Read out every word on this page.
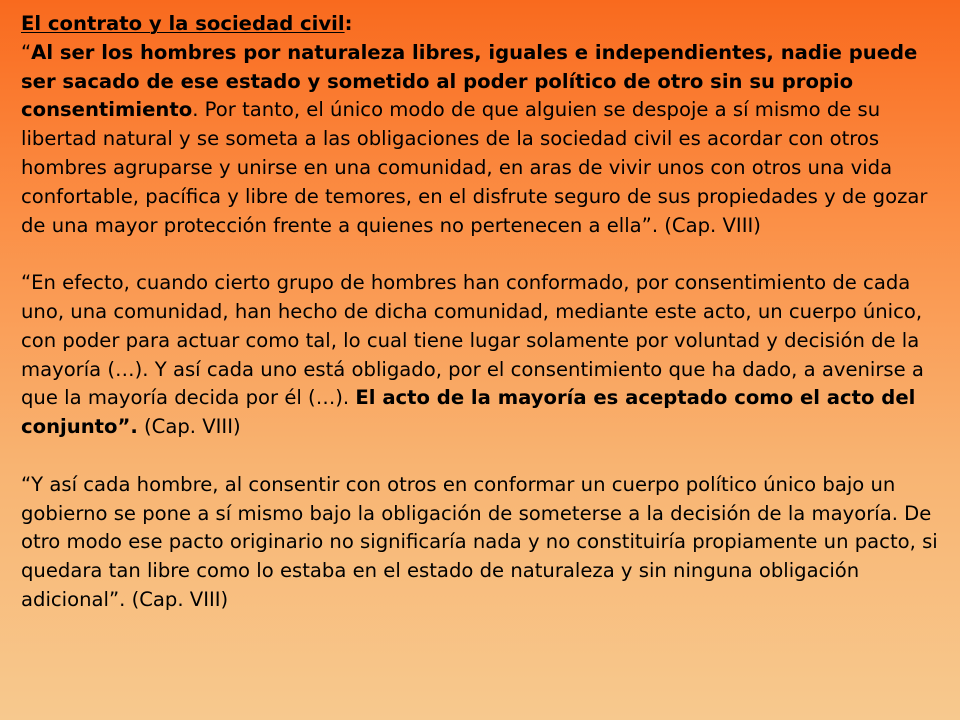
El contrato y la sociedad civil:

“Al ser los hombres por naturaleza libres, iguales e independientes, nadie puede ser sacado de ese estado y sometido al poder político de otro sin su propio consentimiento. Por tanto, el único modo de que alguien se despoje a sí mismo de su libertad natural y se someta a las obligaciones de la sociedad civil es acordar con otros hombres agruparse y unirse en una comunidad, en aras de vivir unos con otros una vida confortable, pacífica y libre de temores, en el disfrute seguro de sus propiedades y de gozar de una mayor protección frente a quienes no pertenecen a ella”. (Cap. VIII)

“En efecto, cuando cierto grupo de hombres han conformado, por consentimiento de cada uno, una comunidad, han hecho de dicha comunidad, mediante este acto, un cuerpo único, con poder para actuar como tal, lo cual tiene lugar solamente por voluntad y decisión de la mayoría (…). Y así cada uno está obligado, por el consentimiento que ha dado, a avenirse a que la mayoría decida por él (…). El acto de la mayoría es aceptado como el acto del conjunto”. (Cap. VIII)

“Y así cada hombre, al consentir con otros en conformar un cuerpo político único bajo un gobierno se pone a sí mismo bajo la obligación de someterse a la decisión de la mayoría. De otro modo ese pacto originario no significaría nada y no constituiría propiamente un pacto, si quedara tan libre como lo estaba en el estado de naturaleza y sin ninguna obligación adicional”. (Cap. VIII)
